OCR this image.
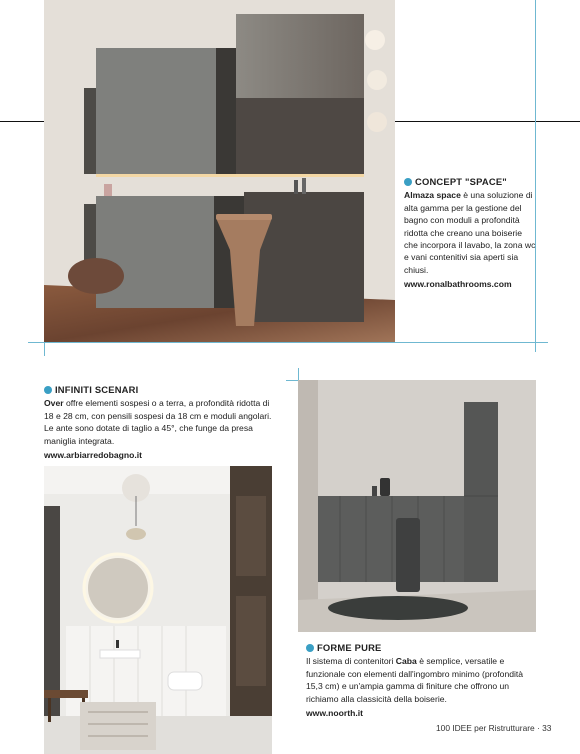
CONCEPT "SPACE"
Almaza space è una soluzione di alta gamma per la gestione del bagno con moduli a profondità ridotta che creano una boiserie che incorpora il lavabo, la zona wc e vani contenitivi sia aperti sia chiusi.
www.ronalbathrooms.com
INFINITI SCENARI
Over offre elementi sospesi o a terra, a profondità ridotta di 18 e 28 cm, con pensili sospesi da 18 cm e moduli angolari. Le ante sono dotate di taglio a 45°, che funge da presa maniglia integrata.
www.arbiarredobagno.it
FORME PURE
Il sistema di contenitori Caba è semplice, versatile e funzionale con elementi dall'ingombro minimo (profondità 15,3 cm) e un'ampia gamma di finiture che offrono un richiamo alla classicità della boiserie.
www.noorth.it
100 IDEE per Ristrutturare · 33
